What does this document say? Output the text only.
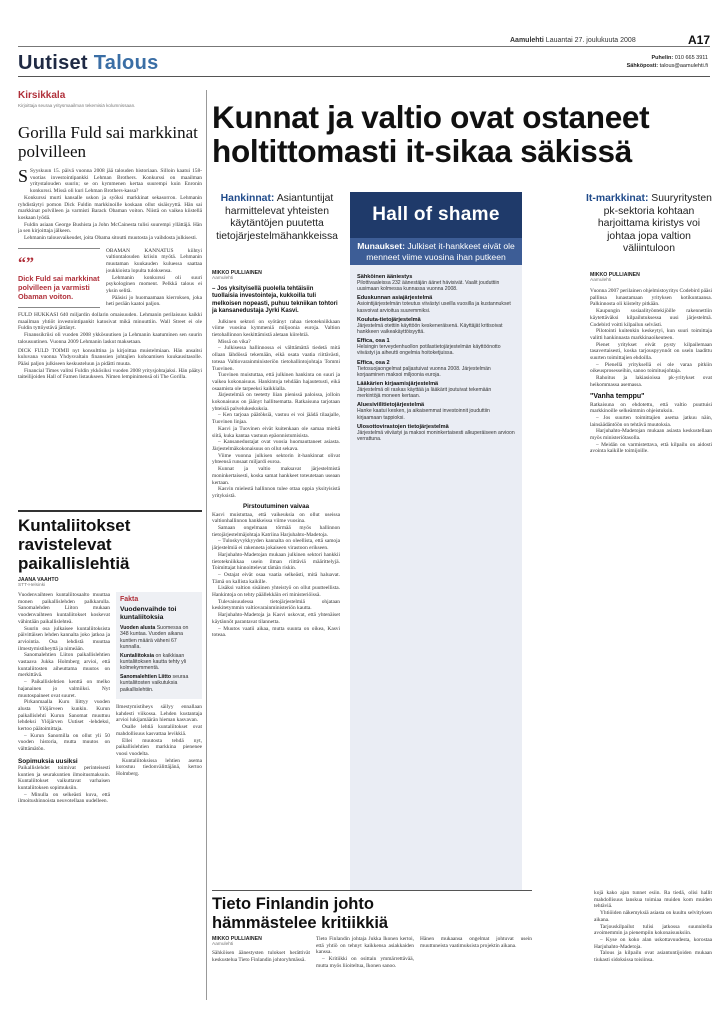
Aamulehti Lauantai 27. joulukuuta 2008	A17
Uutiset Talous	Puhelin: 010 665 3911
Sähköposti: talous@aamulehti.fi
Kirsikkala
Kirjoittaja seuraa yritysmaailman tekemisiä kolumnissaan.
Gorilla Fuld sai markkinat polvilleen
S Syyskuun 15. päivä vuonna 2008 jää talouden historiaan. Silloin kaatui 158-vuotias investointipankki Lehman Brothers. Konkurssi on maailman yritystalouden suurin; se on kymmenen kertaa suurempi kuin Enronin konkurssi. Missä oli kuri Lehman Brothers-kassa?
Konkurssi murti kansalle uskon ja syöksi markkinat sekasorron. Lehmanin ryhdistäytyi pomon Dick Fuldin markkinoille koskaan ollut sisäisyyttä. Hän sai markkinat polvilleen ja varmisti Barack Obaman voiton. Niistä on vaikea kiistellä koskaan lyödä.
Fuldin asiaan George Bushista ja John McCainesta tulisi suurempi yllättäjä. Hän ja sen kirjoittaja jälkeen.
Lehmanin talousvaikeudet, joita Obama sitoutti muutosta ja vaihdosta julkisesti.
“”
Dick Fuld sai markkinat polvilleen ja varmisti Obaman voiton.
OBAMAN KANNATUS kiihtyi valtiontalouden kriisin myötä. Lehmanin muutaman kuukauden kuluessa saattaa joukkioista lopulta tuloksensa.
Lehmanin konkurssi oli suuri psykologinen moment. Pelkkä talous ei yksin selitä.
Pääsisi jo huomaamaan kierroksen, joka heti perään kaatoi paljon.
FULD HUKKASI 640 miljardin dollarin omaisuuden. Lehmanin perilaisuus kaikki maailman yhtiöt investointipankit katosivat mikä minuuttiin. Wall Street ei ole Fuldin tyttöystävä jättänyt.
Finanssikriisi oli vuoden 2008 ykkösuutisen ja Lehmanin kaatuminen sen suurin talousuutinen. Vuonna 2009 Lehmanin laskut maksetaan.
DICK FULD TOIMII nyt konsulttina ja kirjoittaa muistelmiaan. Hän ansaitsi kuluvana vuonna Yhdysvaltain finanssien johtajien kohoamisen kuukausitasolle. Pääsi paljon julkiseen keskusteluun ja pidätti muuta.
Financial Times valitsi Fuldin ykkösiksi vuoden 2008 yritysjohtajaksi. Hän päätyi taiteilijoiden Hall of Famen listaukseen. Nimen lempinimensä oli The Gorilla.
Kuntaliitokset ravistelevat paikallislehtiä
JAANA VAAHTO
STT-Helsinki
Vuodenvaihteen kuntaliitosaalto muuttaa monen paikallislehden palkkarulla. Sanomalehden Liiton mukaan vuodenvaihteen kuntaliitokset koskevat vähintään paikallislehteä.
Suurin osa julkaisee kuntaliitoksista päivittäisen lehden kannalta joko jatkoa ja arviointia. Osa lehdistä muuttaa ilmestymistiheyttä ja nimeään.
Sanomalehtien Liiton paikallislehtien vastaava Jukka Holmberg arvioi, että kuntaliitosten aiheuttama muutos on merkittävä.
– Paikallislehtien kenttä on melko hajanainen jo valmiiksi. Nyt muutospaineet ovat suuret.
Pirkanmaalla Kuru liittyy vuoden alusta Ylöjärveen kunkin. Kurun paikallislehti Kurun Sanomat muuttuu lehdeksi Ylöjärven Uutiset -lehdeksi, kertoo päätoimittaja.
– Kurun Sanomilla on ollut yli 50 vuoden historia, mutta muutos on välttämätön.
Sopimuksia uusiksi
Paikallislehdet toimivat perinteisesti kuntien ja seurakuntien ilmoitusmaksuin. Kuntaliitokset vaikuttavat varhaisen kuntaliitoksen sopimuksiin.
– Minulla on selkeästi kuva, että ilmoitushinnoista neuvotellaan uudelleen.
Fakta
Vuodenvaihde toi kuntaliitoksia
Vuoden alusta Suomessa on 348 kuntaa. Vuoden aikana kuntien määrä väheni 67 kunnalla.
Kuntaliitoksia on kaikkiaan kuntaliitoksen kautta tehty yli kolmekymmentä.
Sanomalehtien Liitto seuraa kuntaliitosten vaikutuksia paikallislehtiin.
Ilmestymistiheys säilyy ennallaan kahdesti viikossa. Lehden kustantaja arvioi lukijamäärän hieman kasvavan.
Osalle lehtiä kuntaliitokset ovat mahdollisuus kasvattaa levikkiä.
Ellei muutosta tehdä nyt, paikallislehtien markkina pienenee vuosi vuodelta.
Kuntaliitoksissa lehtien asema korostuu tiedonvälittäjänä, kertoo Holmberg.
Kunnat ja valtio ovat ostaneet
holtittomasti it-sikaa säkissä
Hankinnat: Asiantuntijat harmittelevat yhteisten käytäntöjen puutetta tietojärjestelmähankkeissa
MIKKO PULLIAINEN
Aamulehti
– Jos yksityisellä puolella tehtäisiin tuollaisia investointeja, kukkoilla tuli melkoisen nopeasti, puhuu tekniikan tohtori ja kansanedustaja Jyrki Kasvi.
Julkinen sektori on syötänyt rahaa tietotekniikkaan viime vuosina kymmeniä miljoonia euroja. Valtion tietohallinnon keskittämistä aletaan kiirehtiä.
Missä on vika?
– Julkisessa hallinnossa ei välttämättä tiedetä mitä ollaan lähdössä tekemään, eikä osata vaatia riittävästi, toteaa Valtiovarainministeriön tietohallintojohtaja Tommi Tuovinen.
Tuovinen muistuttaa, että julkinen hankinta on suuri ja vaikea kokonaisuus. Hankintoja tehdään hajautetusti, eikä osaamista ole tarpeeksi kaikkialla.
Järjestelmiä on teetetty liian pienissä paloissa, jolloin kokonaisuus on jäänyt hallitsematta. Ratkaisuna tarjotaan yhteisiä palvelukeskuksia.
– Ken tarjoaa päätöksiä, vastuu ei voi jäädä tilaajalle, Tuovinen linjaa.
Kasvi ja Tuovinen eivät kuitenkaan ole samaa mieltä siitä, kuka kantaa vastuun epäonnistumisista.
– Kansanedustajat ovat vuosia huomauttaneet asiasta. Järjestelmäkokonaisuus on ollut sekava.
Viime vuonna julkisen sektorin it-hankinnat olivat yhteensä runsaat miljardi euroa.
Kunnat ja valtio maksavat järjestelmistä moninkertaisesti, koska samat hankkeet toteutetaan useaan kertaan.
Kasvin mielestä hallinnon tulee ottaa oppia yksityisistä yrityksistä.
Pirstoutuminen vaivaa
Kasvi muistuttaa, että vaikeuksia on ollut useissa valtionhallinnon hankkeissa viime vuosina.
Samaan ongelmaan törmää myös hallinnon tietojärjestelmäjohtaja Katriina Harjuhahto-Madetoja.
– Tuloskyvykkyyden kannalta on oleellista, että samoja järjestelmiä ei rakenneta jokaiseen virastoon erikseen.
Harjuhahto-Madetojan mukaan julkinen sektori hankkii tietotekniikkaa usein ilman riittäviä määrittelyjä. Toimittajat hinnoittelevat tämän riskin.
– Ostajat eivät osaa vaatia selkeästi, mitä haluavat. Tämä on kallista kaikille.
Lisäksi valtion sisäinen yhteistyö on ollut puutteellista. Hankintoja on tehty päällekkäin eri ministeriöissä.
Tulevaisuudessa tietojärjestelmiä ohjataan keskitetymmin valtiovarainministeriön kautta.
Harjuhahto-Madetoja ja Kasvi uskovat, että yhtenäiset käytännöt parantavat tilannetta.
– Muutos vaatii aikaa, mutta suunta on oikea, Kasvi toteaa.
Hall of shame
Munaukset: Julkiset it-hankkeet eivät ole menneet viime vuosina ihan putkeen
Sähköinen ääniestys
Pilottivaaleissa 232 äänestäjän äänet hävisivät. Vaalit jouduttiin uusimaan kolmessa kunnassa vuonna 2008.
Eduskunnan asiajärjestelmä
Asiointijärjestelmän toteutus viivästyi useilla vuosilla ja kustannukset kasvoivat arvioitua suuremmiksi.
Kouluta-tietojärjestelmä
Järjestelmä otettiin käyttöön keskeneräisenä. Käyttäjät kritisoivat hankkeen vaikeakäyttöisyyttä.
Effica, osa 1
Helsingin terveydenhuollon potilastietojärjestelmän käyttöönotto viivästyi ja aiheutti ongelmia hoitoketjuissa.
Effica, osa 2
Tietosuojaongelmat paljastuivat vuonna 2008. Järjestelmän korjaaminen maksoi miljoonia euroja.
Lääkärien kirjaamisjärjestelmä
Järjestelmä oli raskas käyttää ja lääkärit joutuivat tekemään merkintöjä moneen kertaan.
Aluesiviilitietojärjestelmä
Hanke kaatui kesken, ja aikaisemmat investoinnit jouduttiin kirjaamaan tappioksi.
Ulosottovirastojen tietojärjestelmä
Järjestelmä viivästyi ja maksoi moninkertaisesti alkuperäiseen arvioon verrattuna.
It-markkinat: Suuryritysten pk-sektoria kohtaan harjoittama kiristys voi johtaa jopa valtion väliintuloon
MIKKO PULLIAINEN
Aamulehti
Vuonna 2007 perilainen ohjelmistoyritys Codebird pääsi pallinsa lunastamaan yrityksen kotikuntaansa. Palkinnosta oli kiistelty pitkään.
Kaupungin sosiaalityöntekijöille rakennettiin käytettäväksi kilpailutuksessa uusi järjestelmä. Codebird voitti kilpailun selvästi.
Pilotointi kuitenkin keskeytyi, kun suuri toimittaja valitti hankinnasta markkinaoikeuteen.
Pienet yritykset eivät pysty kilpailemaan tasavertaisesti, koska tarjouspyynnöt on usein laadittu suurten toimittajien ehdoilla.
– Pienellä yrityksellä ei ole varaa pitkiin oikeusprosesseihin, sanoo toimitusjohtaja.
Rahoitus ja lakiasioissa pk-yritykset ovat heikommassa asemassa.
"Vanha temppu"
Ratkaisuna on ehdotettu, että valtio puuttuisi markkinoille selkeämmin ohjeistuksin.
– Jos suurten toimittajien asema jatkuu näin, lainsäädäntöön on tehtävä muutoksia.
Harjuhahto-Madetojan mukaan asiasta keskustellaan myös ministeriötasolla.
– Meidän on varmistettava, että kilpailu on aidosti avointa kaikille toimijoille.
Tieto Finlandin johto hämmästelee kritiikkiä
MIKKO PULLIAINEN
Aamulehti
Sähköisen äänestysten tulokset herättivät keskustelua Tieto Finlandin johtoryhmässä.
Tieto Finlandin johtaja Jukka Ikonen kertoi, että yhtiö on tehnyt kaikkensa asiakkaiden kanssa.
– Kritiikki on osittain ymmärrettävää, mutta myös liioiteltua, Ikonen sanoo.
Hänen mukaansa ongelmat johtuvat usein muuttuneista vaatimuksista projektin aikana.
kojä kako ajan tunnet esiin. Ra tiedä, olisi hallit mahdollisuus lanskua toimiaa muiden kom muiden tehtäviä.
Yhtiöiden näkemyksiä asiasta on kuultu selvityksen aikana.
Tarjouskilpailut tulisi jatkossa suunnitella avoimemmin ja pienempiin kokonaisuuksiin.
– Kyse on koko alan uskottavuudesta, korostaa Harjuhahto-Madetoja.
Talous ja kilpailu ovat asiantuntijoiden mukaan tiukasti sidoksissa toisiinsa.
